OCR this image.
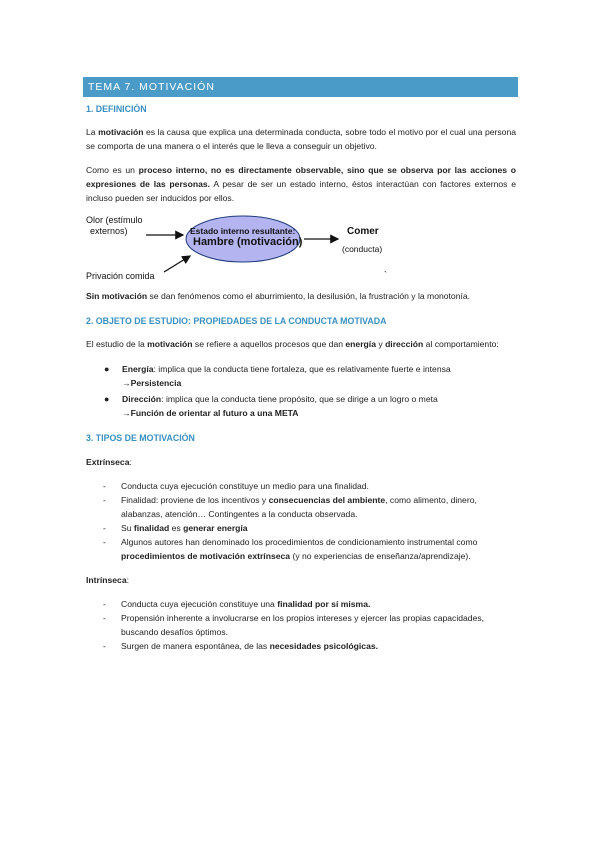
TEMA 7. MOTIVACIÓN

1. DEFINICIÓN

La motivación es la causa que explica una determinada conducta, sobre todo el motivo por el cual una persona se comporta de una manera o el interés que le lleva a conseguir un objetivo.

Como es un proceso interno, no es directamente observable, sino que se observa por las acciones o expresiones de las personas. A pesar de ser un estado interno, éstos interactúan con factores externos e incluso pueden ser inducidos por ellos.

Olor (estímulo
externos)
Privación comida
Estado interno resultante:
Hambre (motivación)
Comer
(conducta)
`

Sin motivación se dan fenómenos como el aburrimiento, la desilusión, la frustración y la monotonía.

2. OBJETO DE ESTUDIO: PROPIEDADES DE LA CONDUCTA MOTIVADA

El estudio de la motivación se refiere a aquellos procesos que dan energía y dirección al comportamiento:

● Energía: implica que la conducta tiene fortaleza, que es relativamente fuerte e intensa
→Persistencia
● Dirección: implica que la conducta tiene propósito, que se dirige a un logro o meta
→Función de orientar al futuro a una META

3. TIPOS DE MOTIVACIÓN

Extrínseca:

- Conducta cuya ejecución constituye un medio para una finalidad.
- Finalidad: proviene de los incentivos y consecuencias del ambiente, como alimento, dinero, alabanzas, atención… Contingentes a la conducta observada.
- Su finalidad es generar energía
- Algunos autores han denominado los procedimientos de condicionamiento instrumental como procedimientos de motivación extrínseca (y no experiencias de enseñanza/aprendizaje).

Intrínseca:

- Conducta cuya ejecución constituye una finalidad por sí misma.
- Propensión inherente a involucrarse en los propios intereses y ejercer las propias capacidades, buscando desafíos óptimos.
- Surgen de manera espontánea, de las necesidades psicológicas.
